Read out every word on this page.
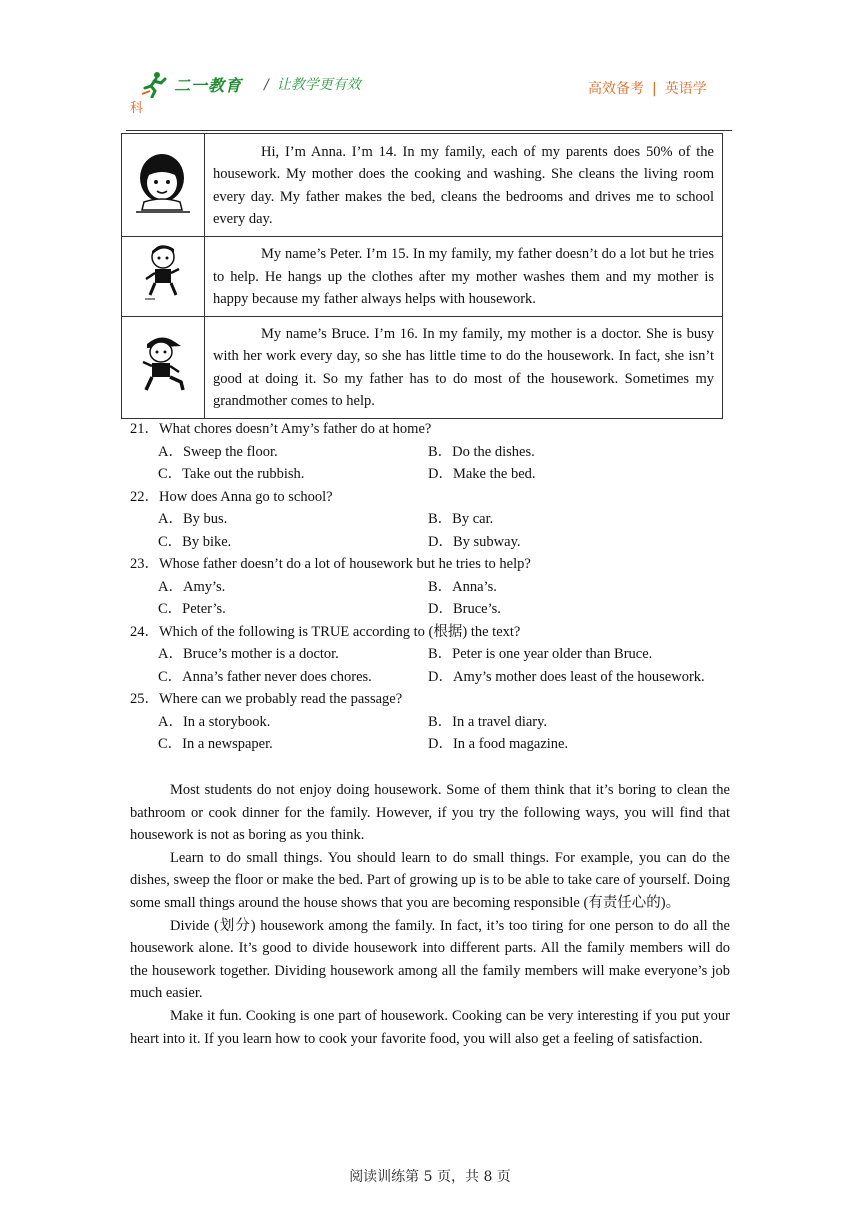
二一教育 / 让教学更有效	高效备考 | 英语学
科
	Hi, I’m Anna. I’m 14. In my family, each of my parents does 50% of the housework. My mother does the cooking and washing. She cleans the living room every day. My father makes the bed, cleans the bedrooms and drives me to school every day.
	My name’s Peter. I’m 15. In my family, my father doesn’t do a lot but he tries to help. He hangs up the clothes after my mother washes them and my mother is happy because my father always helps with housework.
	My name’s Bruce. I’m 16. In my family, my mother is a doctor. She is busy with her work every day, so she has little time to do the housework. In fact, she isn’t good at doing it. So my father has to do most of the housework. Sometimes my grandmother comes to help.
21．What chores doesn’t Amy’s father do at home?
A．Sweep the floor.	B．Do the dishes.
C．Take out the rubbish.	D．Make the bed.
22．How does Anna go to school?
A．By bus.	B．By car.
C．By bike.	D．By subway.
23．Whose father doesn’t do a lot of housework but he tries to help?
A．Amy’s.	B．Anna’s.
C．Peter’s.	D．Bruce’s.
24．Which of the following is TRUE according to (根据) the text?
A．Bruce’s mother is a doctor.	B．Peter is one year older than Bruce.
C．Anna’s father never does chores.	D．Amy’s mother does least of the housework.
25．Where can we probably read the passage?
A．In a storybook.	B．In a travel diary.
C．In a newspaper.	D．In a food magazine.

Most students do not enjoy doing housework. Some of them think that it’s boring to clean the bathroom or cook dinner for the family. However, if you try the following ways, you will find that housework is not as boring as you think.

Learn to do small things. You should learn to do small things. For example, you can do the dishes, sweep the floor or make the bed. Part of growing up is to be able to take care of yourself. Doing some small things around the house shows that you are becoming responsible (有责任心的)。

Divide (划分) housework among the family. In fact, it’s too tiring for one person to do all the housework alone. It’s good to divide housework into different parts. All the family members will do the housework together. Dividing housework among all the family members will make everyone’s job much easier.

Make it fun. Cooking is one part of housework. Cooking can be very interesting if you put your heart into it. If you learn how to cook your favorite food, you will also get a feeling of satisfaction.

阅读训练第 5 页，共 8 页
